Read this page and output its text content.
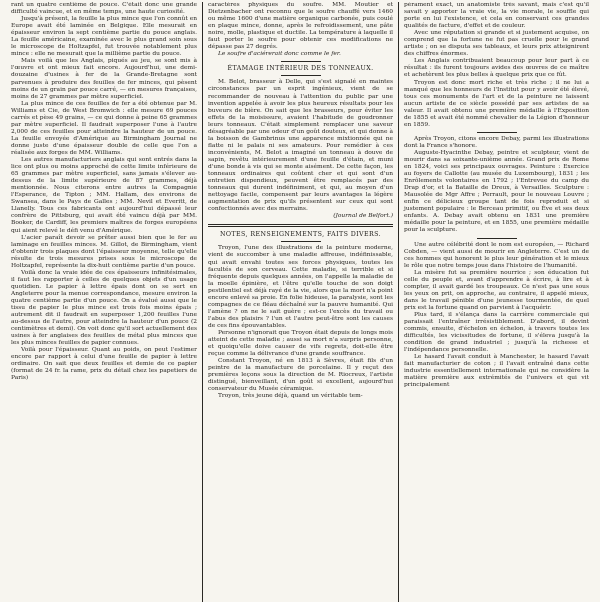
rant un quatre centième de pouce. C'était donc une grande difficulté vaincue, et en même temps, une haute curiosité.

Jusqu'à présent, la feuille la plus mince que l'on connût en Europe avait été laminée en Belgique. Elle mesurait en épaisseur environ la sept centième partie du pouce anglais. La feuille américaine, examinée avec le plus grand soin sous le microscope de Holtzapfel, fut trouvée notablement plus mince : elle ne mesurait que la millième partie du pouce.

Mais voilà que les Anglais, piqués au jeu, se sont mis à l'œuvre et ont mieux fait encore. Aujourd'hui, une demi-douzaine d'usines à fer de la Grande-Bretagne sont parvenues à produire des feuilles de fer minces, qui pèsent moins de un grain par pouce carré, — en mesures françaises, moins de 27 grammes par mètre superficiel.

La plus mince de ces feuilles de fer a été obtenue par M. Williams et Cie, de West Bromwich : elle mesure 69 pouces carrés et pèse 49 grains, — ce qui donne à peine 65 grammes par mètre superficiel. Il faudrait superposer l'une à l'autre 2,000 de ces feuilles pour atteindre la hauteur de un pouce. La feuille envoyée d'Amérique au Birmingham Journal ne donne juste d'une épaisseur double de celle que l'on a réalisée aux forges de MM. Williams.

Les autres manufacturiers anglais qui sont entrés dans la lice ont plus ou moins approché de cette limite inférieure de 65 grammes par mètre superficiel, sans jamais s'élever au-dessus de la limite supérieure de 87 grammes, déjà mentionnée. Nous citerons entre autres la Compagnie l'Esperance, de Tipton ; MM. Hallam, des environs de Swansea, dans le Pays de Galles ; MM. Nevil et Everitt, de Llanelly. Tous ces fabricants ont aujourd'hui dépassé leur confrère de Pittsburg, qui avait été vaincu déjà par MM. Booker, de Cardiff, les premiers maîtres de forges européens qui aient relevé le défi venu d'Amérique.

L'acier paraît devoir se prêter aussi bien que le fer au laminage en feuilles minces. M. Gillot, de Birmingham, vient d'obtenir trois plaques dont l'épaisseur moyenne, telle qu'elle résulte de trois mesures prises sous le microscope de Holtzapfel, représente la dix-huit centième partie d'un pouce.

Voilà donc la vraie idée de ces épaisseurs infinitésimales, il faut les rapporter à celles de quelques objets d'un usage quotidien. Le papier à lettre épais dont on se sert en Angleterre pour la menue correspondance, mesure environ la quatre centième partie d'un pouce. On a évalué aussi que le tissu de papier le plus mince est trois fois moins épais ; autrement dit il faudrait en superposer 1,200 feuilles l'une au-dessus de l'autre, pour atteindre la hauteur d'un pouce (2 centimètres et demi). On voit donc qu'il sort actuellement des usines à fer anglaises des feuilles de métal plus minces que les plus minces feuilles de papier connues.

Voilà pour l'épaisseur. Quant au poids, on peut l'estimer encore par rapport à celui d'une feuille de papier à lettre ordinaire. On sait que deux feuilles et demie de ce papier (format de 24 fr. la rame, prix du détail chez les papetiers de Paris)

caractères physiques du soufre. MM. Moutier et Dietzenbacher ont reconnu que le soufre chauffé vers 1460 ou même 1600 d'une matière organique carbonée, puis coulé en plaque mince, donne, après le refroidissement, une pâte noire, molle, plastique et ductile. La température à laquelle il faut porter le soufre pour obtenir ces modifications ne dépasse pas 27 degrés.

Le soufre d'aciérerait donc comme le fer.

ÉTAMAGE INTÉRIEUR DES TONNEAUX.

M. Belot, brasseur à Delle, qui s'est signalé en maintes circonstances par un esprit ingénieux, vient de se recommander de nouveau à l'attention du public par une invention appelée à avoir les plus heureux résultats pour les buveurs de bière. On sait que les brasseurs, pour éviter les effets de la moisissure, avaient l'habitude de goudronner leurs tonneaux. C'était simplement remplacer une saveur désagréable par une odeur d'un goût douteux, et qui donne à la boisson de Gambrinus une apparence mixtionnée qui ne flatte ni le palais ni ses amateurs. Pour remédier à ces inconvénients, M. Belot a imaginé un tonneau à douve de sapin, revêtu intérieurement d'une feuille d'étain, et muni d'une bonde à vis qui se monte aisément. De cette façon, les tonneaux ordinaires qui coûtent cher et qui sont d'un entretien dispendieux, peuvent être remplacés par des tonneaux qui durent indéfiniment, et qui, au moyen d'un nettoyage facile, compensent par leurs avantages la légère augmentation de prix qu'ils présentent sur ceux qui sont confectionnés avec des merrains.

(Journal de Belfort.)

NOTES, RENSEIGNEMENTS, FAITS DIVERS.

Troyon, l'une des illustrations de la peinture moderne, vient de succomber à une maladie affreuse, indéfinissable, qui avait envahi toutes ses forces physiques, toutes les facultés de son cerveau. Cette maladie, si terrible et si fréquente depuis quelques années, on l'appelle la maladie de la moelle épinière, et l'être qu'elle touche de son doigt pestilentiel est déjà rayé de la vie, alors que la mort n'a point encore enlevé sa proie. En folie hideuse, la paralysie, sont les compagnes de ce fléau déchaîné sur la pauvre humanité. Qui l'amène ? on ne le sait guère ; est-ce l'excès du travail ou l'abus des plaisirs ? l'un et l'autre peut-être sont les causes de ces fins épouvantables.

Personne n'ignorait que Troyon était depuis de longs mois atteint de cette maladie ; aussi sa mort n'a surpris personne, et quoiqu'elle doive causer de vifs regrets, doit-elle être reçue comme la délivrance d'une grande souffrance.

Constant Troyon, né en 1813 à Sèvres, était fils d'un peintre de la manufacture de porcelaine. Il y reçut des premières leçons sous la direction de M. Riocreux, l'artiste distingué, bienveillant, d'un goût si excellent, aujourd'hui conservateur du Musée céramique.

Troyon, très jeune déjà, quand un véritable tem-

pérament exact, un anatomiste très savant, mais c'est qu'il savait y apporter la vraie vie, la vie morale, le souffle qui porte en lui l'existence, et cela en conservant ces grandes qualités de facture, d'effet et de couleur.

Avec une réputation si grande et si justement acquise, on comprend que la fortune ne fut pas cruelle pour le grand artiste ; on se disputa ses tableaux, et leurs prix atteignirent des chiffres énormes.

Les Anglais contribuaient beaucoup pour leur part à ce résultat : ils furent toujours avides des œuvres de ce maître et achetèrent les plus belles à quelque prix que ce fût.

Troyon est donc mort riche et très riche ; il ne lui a manqué que les honneurs de l'Institut pour y avoir été élevé, tous ces monuments de l'art et de la peinture ne laissent aucun artiste de ce siècle possédé par ses artistes de sa valeur. Il avait obtenu une première médaille à l'Exposition de 1855 et avait été nommé chevalier de la Légion d'honneur en 1859.

Après Troyon, citons encore Debay, parmi les illustrations dont la France s'honore.

Auguste-Hyacinthe Debay, peintre et sculpteur, vient de mourir dans sa soixante-unième année. Grand prix de Rome en 1824, voici ses principaux ouvrages. Peinture : Exercice au foyers de Callotte (au musée du Luxembourg), 1831 ; les Enrôlements volontaires en 1792 ; l'Entrevue du camp du Drap d'or, et la Bataille de Dreux, à Versailles. Sculpture : Mausolée de Mgr Affre ; Perrault, pour le nouveau Louvre ; enfin ce délicieux groupe tant de fois reproduit et si justement populaire : le Berceau primitif, ou Ève et ses deux enfants. A. Debay avait obtenu en 1831 une première médaille pour la peinture, et en 1855, une première médaille pour la sculpture.

Une autre célébrité dont le nom est européen, — Richard Cobden, — vient aussi de mourir en Angleterre. C'est un de ces hommes qui honorent le plus leur génération et le mieux le rôle que notre temps joue dans l'histoire de l'humanité.

La misère fut sa première nourrice ; son éducation fut celle du peuple et, avant d'apprendre à écrire, à lire et à compter, il avait gardé les troupeaux. Ce n'est pas une sous les yeux on prit, on approche, au contraire, il appelé mieux, dans le travail pénible d'une jeunesse tourmentée, de quel prix est la fortune quand on parvient à l'acquérir.

Plus tard, il s'élança dans la carrière commerciale qui paraissait l'entraîner irrésistiblement. D'abord, il devint commis, ensuite, d'échelon en échelon, à travers toutes les difficultés, les vicissitudes de fortune, il s'éleva jusqu'à la condition de grand industriel ; jusqu'à la richesse et l'indépendance personnelle.

Le hasard l'avait conduit à Manchester, le hasard l'avait fait manufacturier de coton ; il l'avait entraîné dans cette industrie essentiellement internationale qui ne considère la matière première aux extrémités de l'univers et qui vit principalement
